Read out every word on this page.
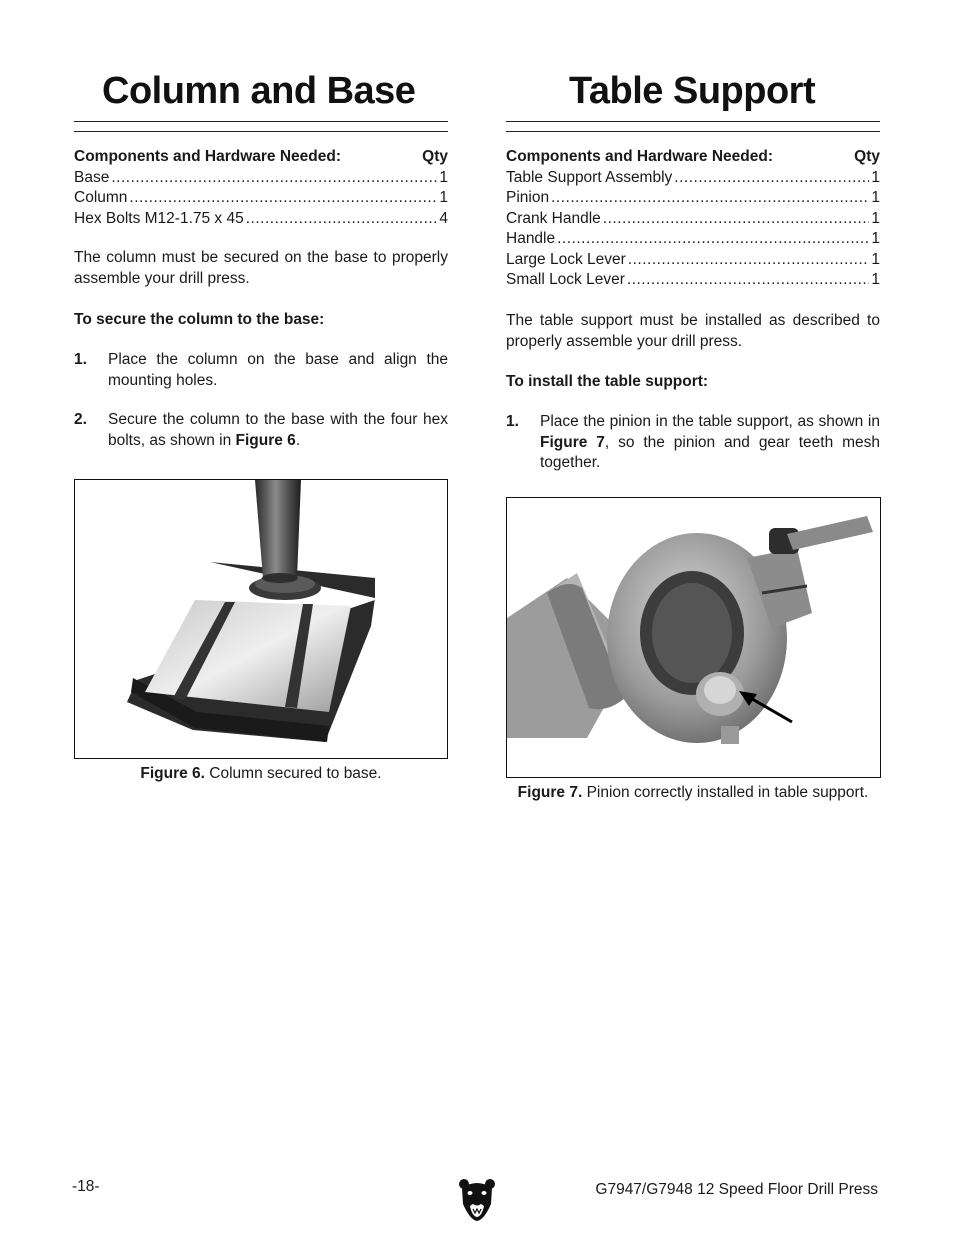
Column and Base
Components and Hardware Needed:	Qty
Base .....	1
Column .....	1
Hex Bolts M12-1.75 x 45 .....	4
The column must be secured on the base to properly assemble your drill press.
To secure the column to the base:
1.	Place the column on the base and align the mounting holes.
2.	Secure the column to the base with the four hex bolts, as shown in Figure 6.
Figure 6. Column secured to base.
Table Support
Components and Hardware Needed:	Qty
Table Support Assembly .....	1
Pinion .....	1
Crank Handle .....	1
Handle .....	1
Large Lock Lever .....	1
Small Lock Lever .....	1
The table support must be installed as described to properly assemble your drill press.
To install the table support:
1.	Place the pinion in the table support, as shown in Figure 7, so the pinion and gear teeth mesh together.
Figure 7. Pinion correctly installed in table support.
-18-	G7947/G7948 12 Speed Floor Drill Press
